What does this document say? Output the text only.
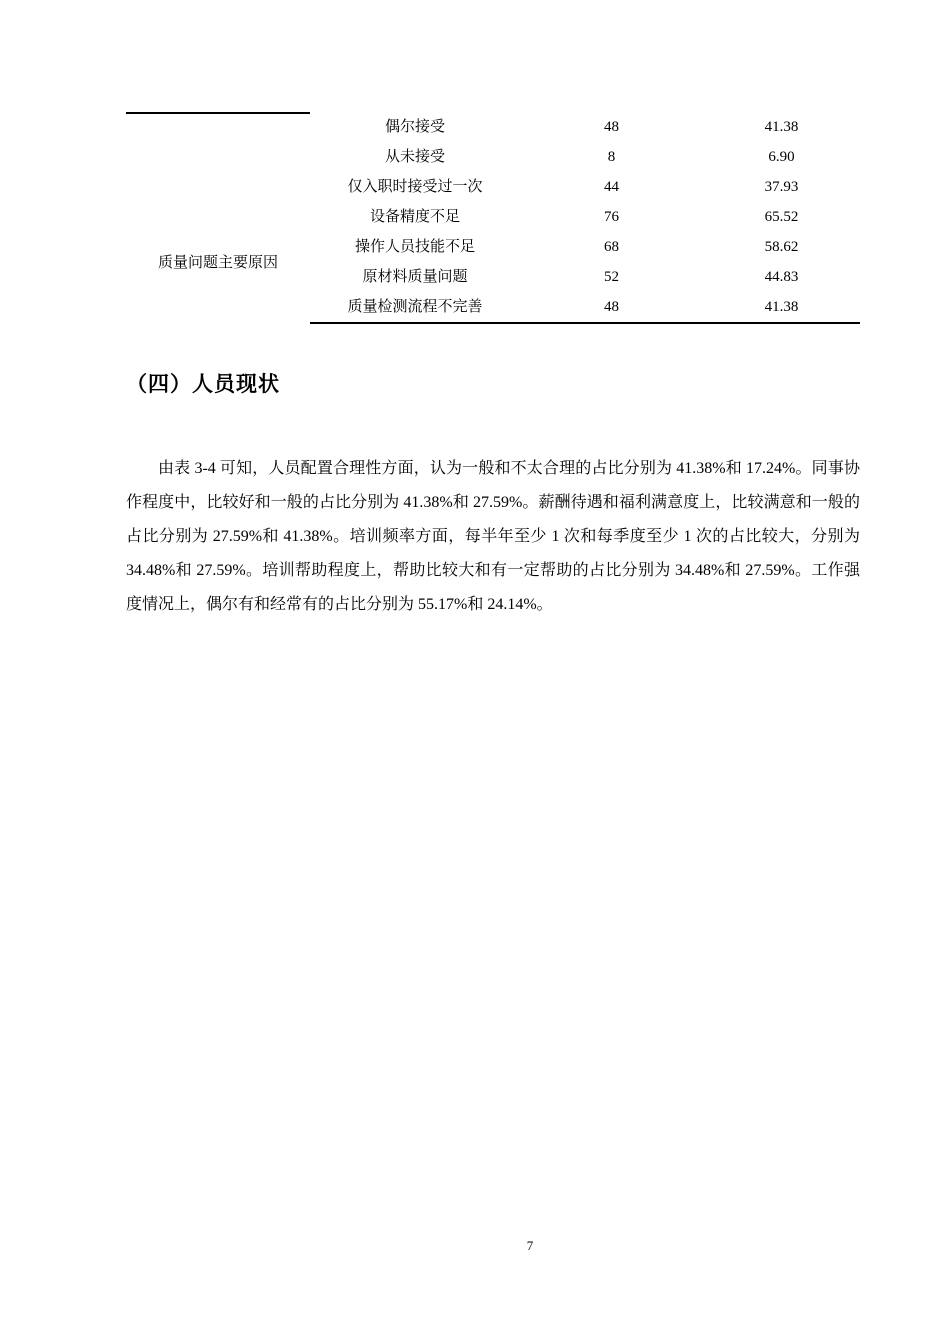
	偶尔接受	48	41.38
	从未接受	8	6.90
	仅入职时接受过一次	44	37.93
质量问题主要原因	设备精度不足	76	65.52
	操作人员技能不足	68	58.62
	原材料质量问题	52	44.83
	质量检测流程不完善	48	41.38
（四）人员现状

由表 3-4 可知，人员配置合理性方面，认为一般和不太合理的占比分别为 41.38%和 17.24%。同事协作程度中，比较好和一般的占比分别为 41.38%和 27.59%。薪酬待遇和福利满意度上，比较满意和一般的占比分别为 27.59%和 41.38%。培训频率方面，每半年至少 1 次和每季度至少 1 次的占比较大，分别为 34.48%和 27.59%。培训帮助程度上，帮助比较大和有一定帮助的占比分别为 34.48%和 27.59%。工作强度情况上，偶尔有和经常有的占比分别为 55.17%和 24.14%。

7
